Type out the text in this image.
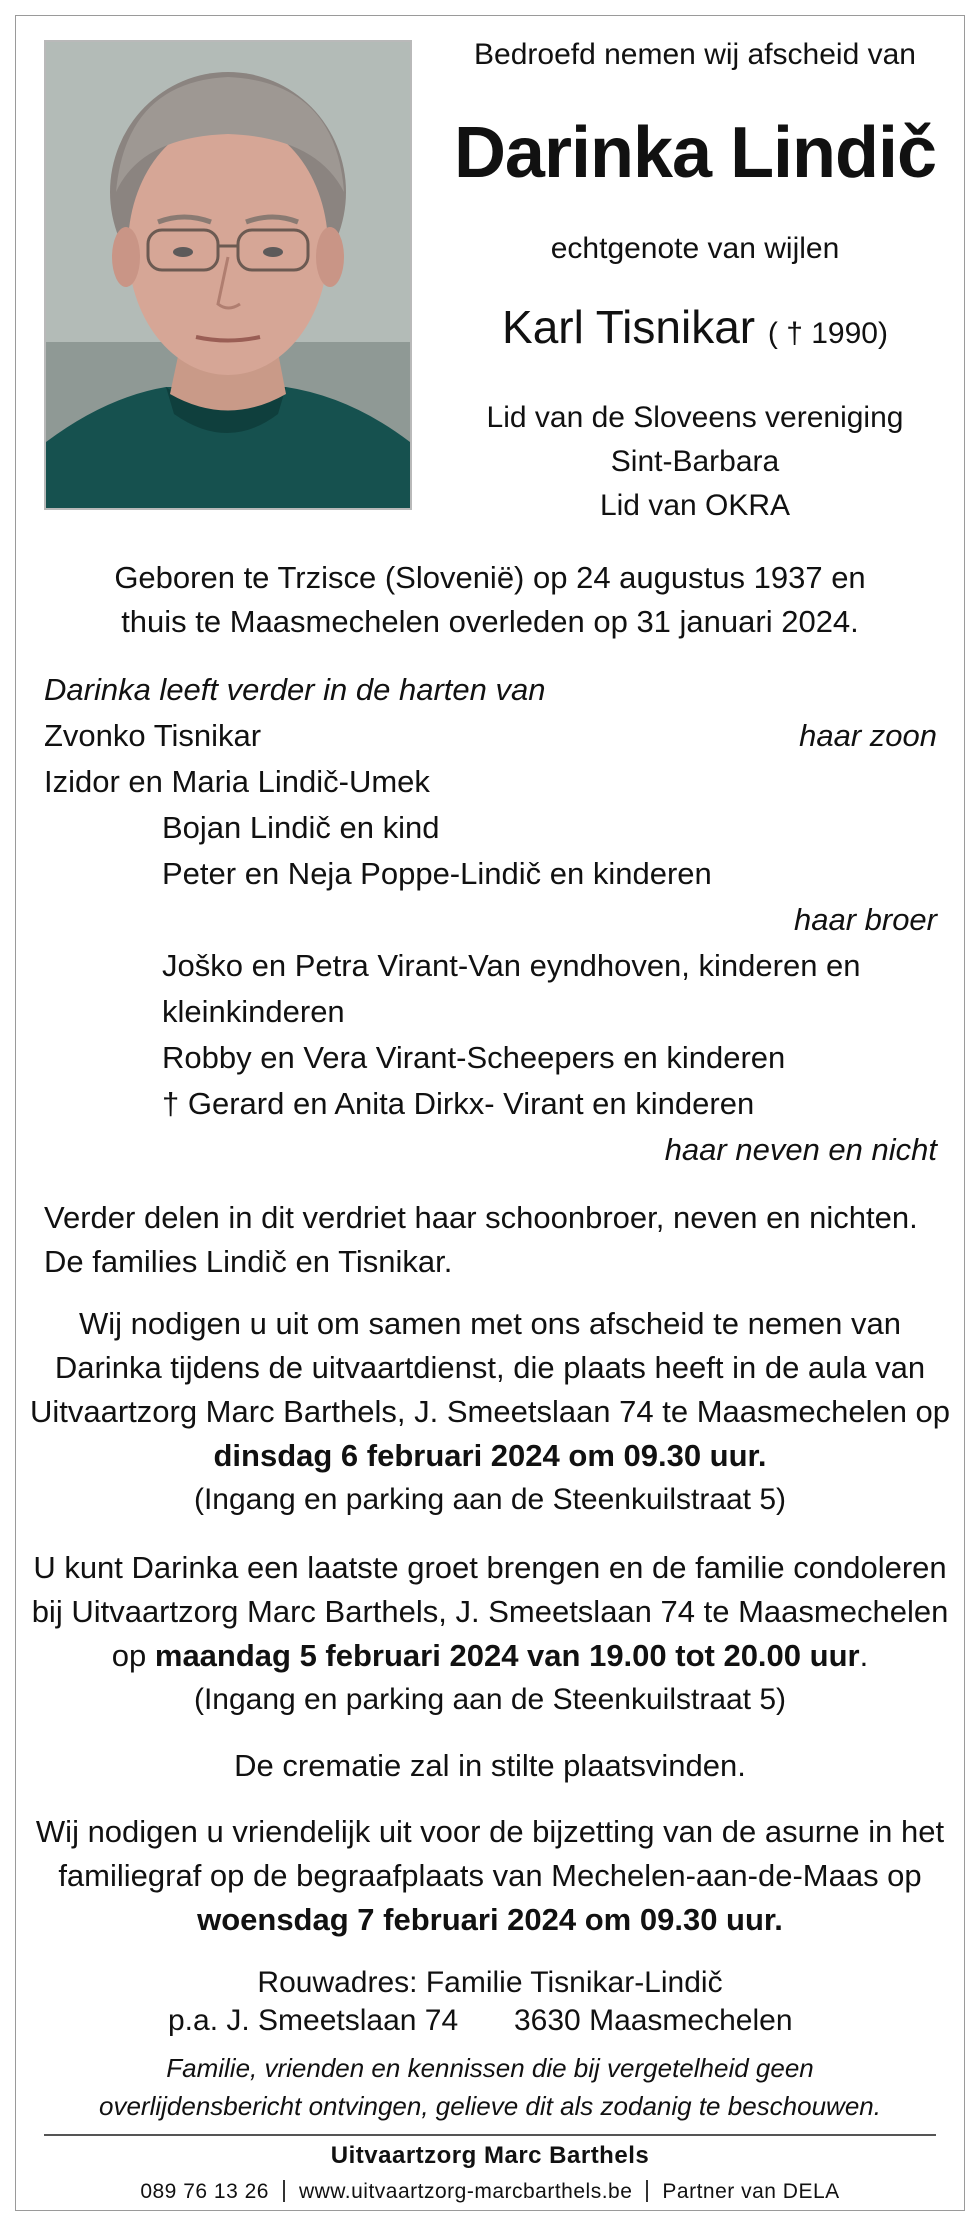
Bedroefd nemen wij afscheid van
Darinka Lindič
echtgenote van wijlen
Karl Tisnikar ( † 1990)
Lid van de Sloveens vereniging
Sint-Barbara
Lid van OKRA
Geboren te Trzisce (Slovenië) op 24 augustus 1937 en
thuis te Maasmechelen overleden op 31 januari 2024.
Darinka leeft verder in de harten van
Zvonko Tisnikar	haar zoon
Izidor en Maria Lindič-Umek
Bojan Lindič en kind
Peter en Neja Poppe-Lindič en kinderen
haar broer
Joško en Petra Virant-Van eyndhoven, kinderen en
kleinkinderen
Robby en Vera Virant-Scheepers en kinderen
† Gerard en Anita Dirkx- Virant en kinderen
haar neven en nicht
Verder delen in dit verdriet haar schoonbroer, neven en nichten.
De families Lindič en Tisnikar.
Wij nodigen u uit om samen met ons afscheid te nemen van
Darinka tijdens de uitvaartdienst, die plaats heeft in de aula van
Uitvaartzorg Marc Barthels, J. Smeetslaan 74 te Maasmechelen op
dinsdag 6 februari 2024 om 09.30 uur.
(Ingang en parking aan de Steenkuilstraat 5)
U kunt Darinka een laatste groet brengen en de familie condoleren
bij Uitvaartzorg Marc Barthels, J. Smeetslaan 74 te Maasmechelen
op maandag 5 februari 2024 van 19.00 tot 20.00 uur.
(Ingang en parking aan de Steenkuilstraat 5)
De crematie zal in stilte plaatsvinden.
Wij nodigen u vriendelijk uit voor de bijzetting van de asurne in het
familiegraf op de begraafplaats van Mechelen-aan-de-Maas op
woensdag 7 februari 2024 om 09.30 uur.
Rouwadres: Familie Tisnikar-Lindič
p.a. J. Smeetslaan 74 3630 Maasmechelen
Familie, vrienden en kennissen die bij vergetelheid geen
overlijdensbericht ontvingen, gelieve dit als zodanig te beschouwen.
Uitvaartzorg Marc Barthels
089 76 13 26 www.uitvaartzorg-marcbarthels.be Partner van DELA
